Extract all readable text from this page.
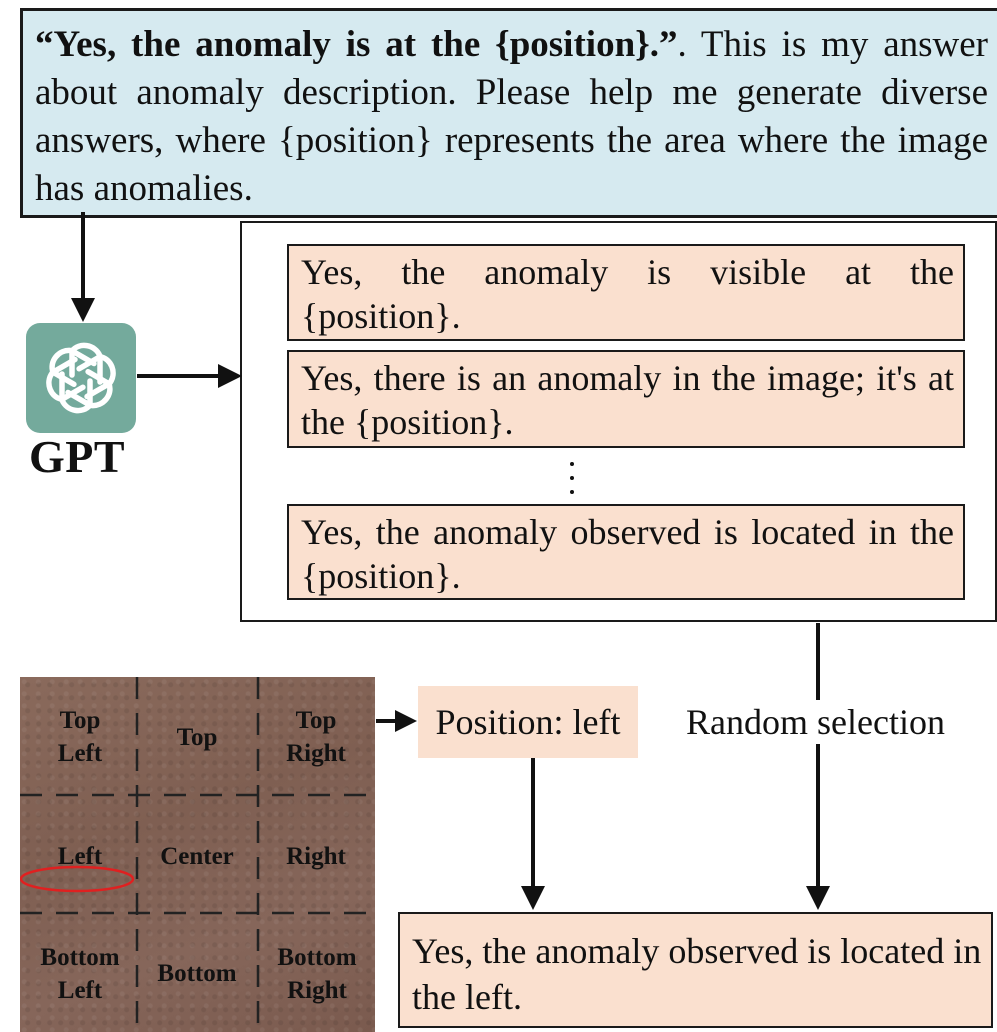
“Yes, the anomaly is at the {position}.”. This is my answer about anomaly description. Please help me generate diverse answers, where {position} represents the area where the image has anomalies.
GPT
Yes, the anomaly is visible at the
{position}.
Yes, there is an anomaly in the image; it's at the {position}.
Yes, the anomaly observed is located in the {position}.
Top
Left
Top
Top
Right
Left	Center	Right
Bottom
Left
Bottom
Bottom
Right
Position: left	Random selection
Yes, the anomaly observed is located in the left.
